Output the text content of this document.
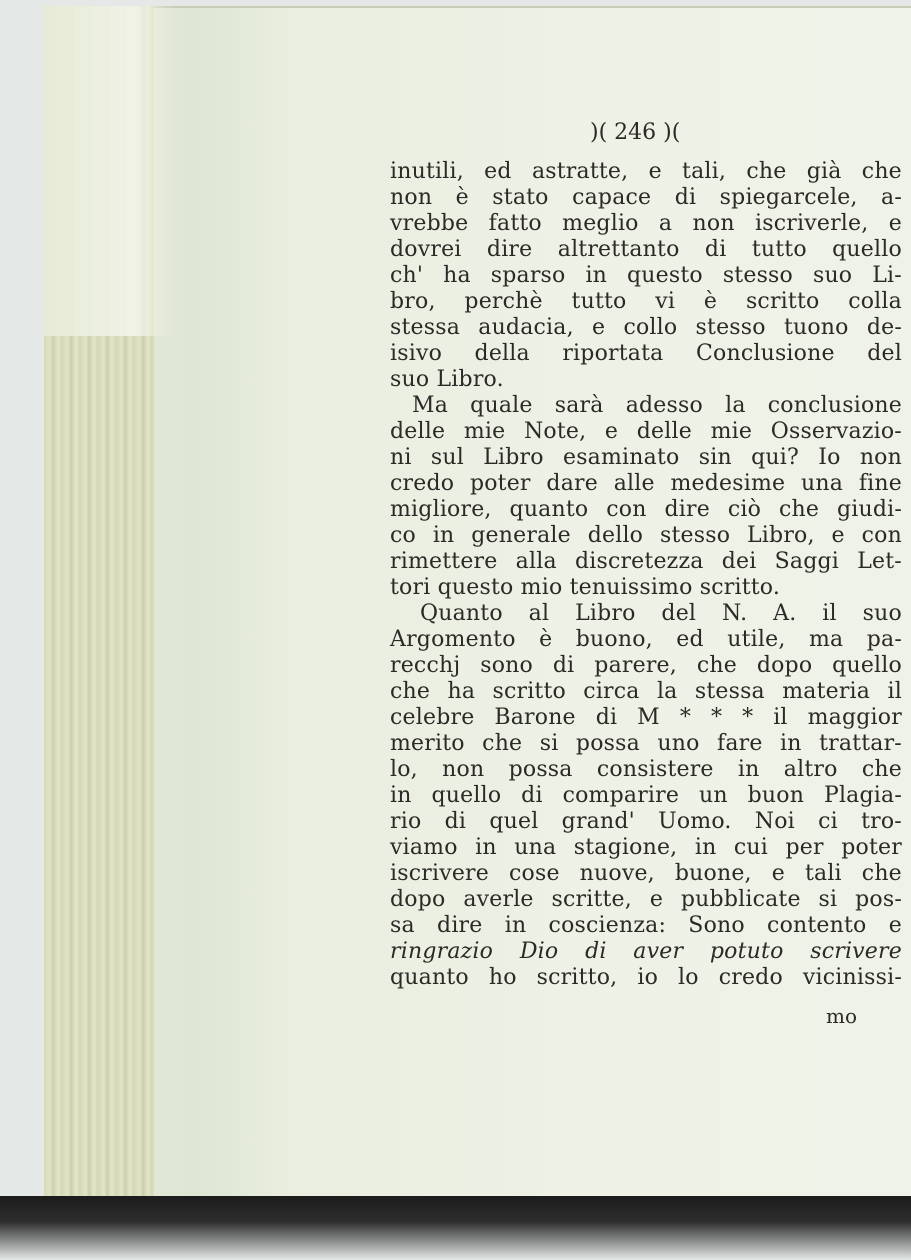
)( 246 )(
inutili, ed astratte, e tali, che già che
non è stato capace di spiegarcele, a-
vrebbe fatto meglio a non iscriverle, e
dovrei dire altrettanto di tutto quello
ch' ha sparso in questo stesso suo Li-
bro, perchè tutto vi è scritto colla
stessa audacia, e collo stesso tuono de-
isivo della riportata Conclusione del
suo Libro.
Ma quale sarà adesso la conclusione
delle mie Note, e delle mie Osservazio-
ni sul Libro esaminato sin qui? Io non
credo poter dare alle medesime una fine
migliore, quanto con dire ciò che giudi-
co in generale dello stesso Libro, e con
rimettere alla discretezza dei Saggi Let-
tori questo mio tenuissimo scritto.
Quanto al Libro del N. A. il suo
Argomento è buono, ed utile, ma pa-
recchj sono di parere, che dopo quello
che ha scritto circa la stessa materia il
celebre Barone di M * * * il maggior
merito che si possa uno fare in trattar-
lo, non possa consistere in altro che
in quello di comparire un buon Plagia-
rio di quel grand' Uomo. Noi ci tro-
viamo in una stagione, in cui per poter
iscrivere cose nuove, buone, e tali che
dopo averle scritte, e pubblicate si pos-
sa dire in coscienza: Sono contento e
ringrazio Dio di aver potuto scrivere
quanto ho scritto, io lo credo vicinissi-
mo
